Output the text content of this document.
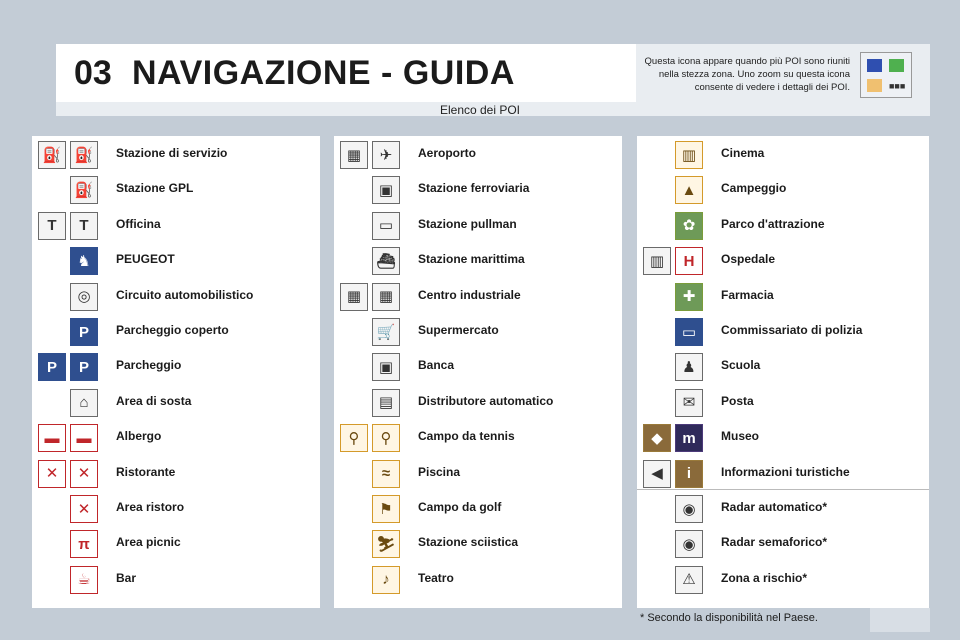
03 NAVIGAZIONE - GUIDA	Questa icona appare quando più POI sono riuniti nella stezza zona. Uno zoom su questa icona consente di vedere i dettagli dei POI.	■■■
Elenco dei POI
⛽ ⛽	Stazione di servizio
⛽	Stazione GPL
T	T	Officina
♞	PEUGEOT
◎	Circuito automobilistico
P	Parcheggio coperto
P	P	Parcheggio
⌂	Area di sosta
▬	▬	Albergo
✕	✕	Ristorante
✕	Area ristoro
π	Area picnic
☕	Bar
▦	✈	Aeroporto
▣	Stazione ferroviaria
▭	Stazione pullman
⛴	Stazione marittima
▦	▦	Centro industriale
🛒	Supermercato
▣	Banca
▤	Distributore automatico
⚲	⚲	Campo da tennis
≈	Piscina
⚑	Campo da golf
⛷	Stazione sciistica
♪	Teatro
▥	Cinema
▲	Campeggio
✿	Parco d'attrazione
▥	H	Ospedale
✚	Farmacia
▭	Commissariato di polizia
♟	Scuola
✉	Posta
◆	m	Museo
◀	i	Informazioni turistiche
◉	Radar automatico*
◉	Radar semaforico*
⚠	Zona a rischio*
* Secondo la disponibilità nel Paese.
